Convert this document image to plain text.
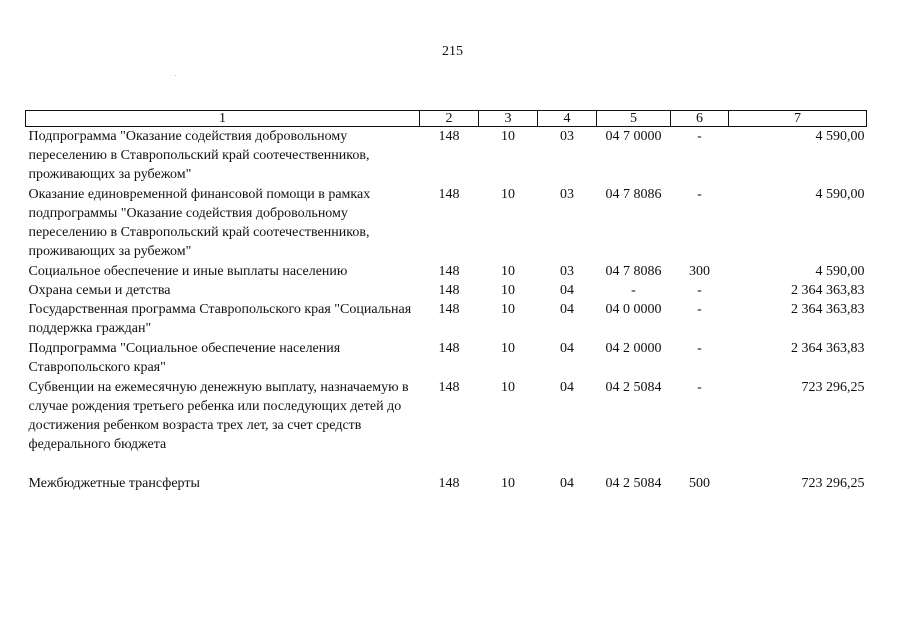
215
1	2	3	4	5	6	7
Подпрограмма "Оказание содействия добровольному переселению в Ставропольский край соотечественников, проживающих за рубежом"	148	10	03	04 7 0000	-	4 590,00
Оказание единовременной финансовой помощи в рамках подпрограммы "Оказание содействия добровольному переселению в Ставропольский край соотечественников, проживающих за рубежом"	148	10	03	04 7 8086	-	4 590,00
Социальное обеспечение и иные выплаты населению	148	10	03	04 7 8086	300	4 590,00
Охрана семьи и детства	148	10	04	-	-	2 364 363,83
Государственная программа Ставропольского края "Социальная поддержка граждан"	148	10	04	04 0 0000	-	2 364 363,83
Подпрограмма "Социальное обеспечение населения Ставропольского края"	148	10	04	04 2 0000	-	2 364 363,83
Субвенции на ежемесячную денежную выплату, назначаемую в случае рождения третьего ребенка или последующих детей до достижения ребенком возраста трех лет, за счет средств федерального бюджета	148	10	04	04 2 5084	-	723 296,25
Межбюджетные трансферты	148	10	04	04 2 5084	500	723 296,25
